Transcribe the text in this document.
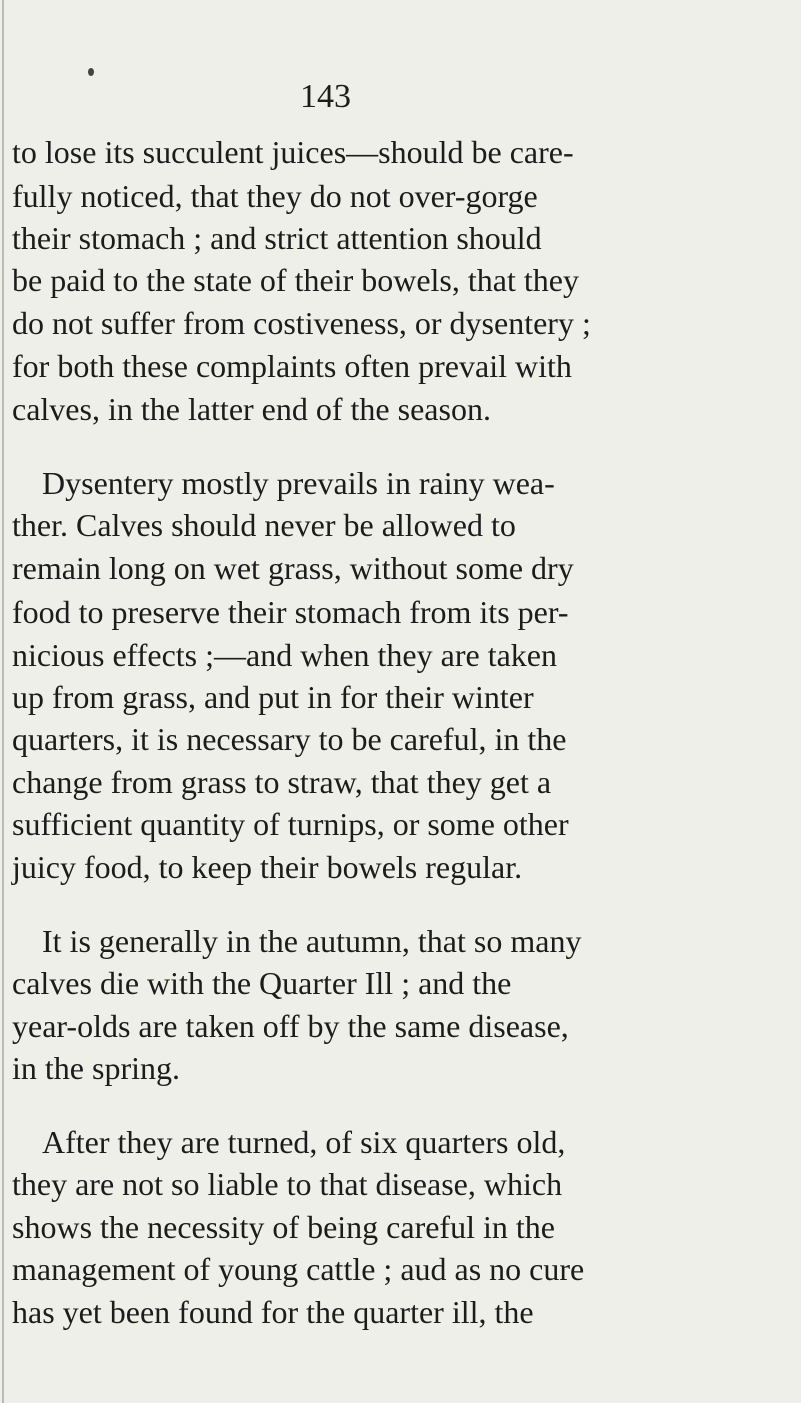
143
to lose its succulent juices—should be care-
fully noticed, that they do not over-gorge
their stomach ; and strict attention should
be paid to the state of their bowels, that they
do not suffer from costiveness, or dysentery ;
for both these complaints often prevail with
calves, in the latter end of the season.
Dysentery mostly prevails in rainy wea-
ther. Calves should never be allowed to
remain long on wet grass, without some dry
food to preserve their stomach from its per-
nicious effects ;—and when they are taken
up from grass, and put in for their winter
quarters, it is necessary to be careful, in the
change from grass to straw, that they get a
sufficient quantity of turnips, or some other
juicy food, to keep their bowels regular.
It is generally in the autumn, that so many
calves die with the Quarter Ill ; and the
year-olds are taken off by the same disease,
in the spring.
After they are turned, of six quarters old,
they are not so liable to that disease, which
shows the necessity of being careful in the
management of young cattle ; aud as no cure
has yet been found for the quarter ill, the
